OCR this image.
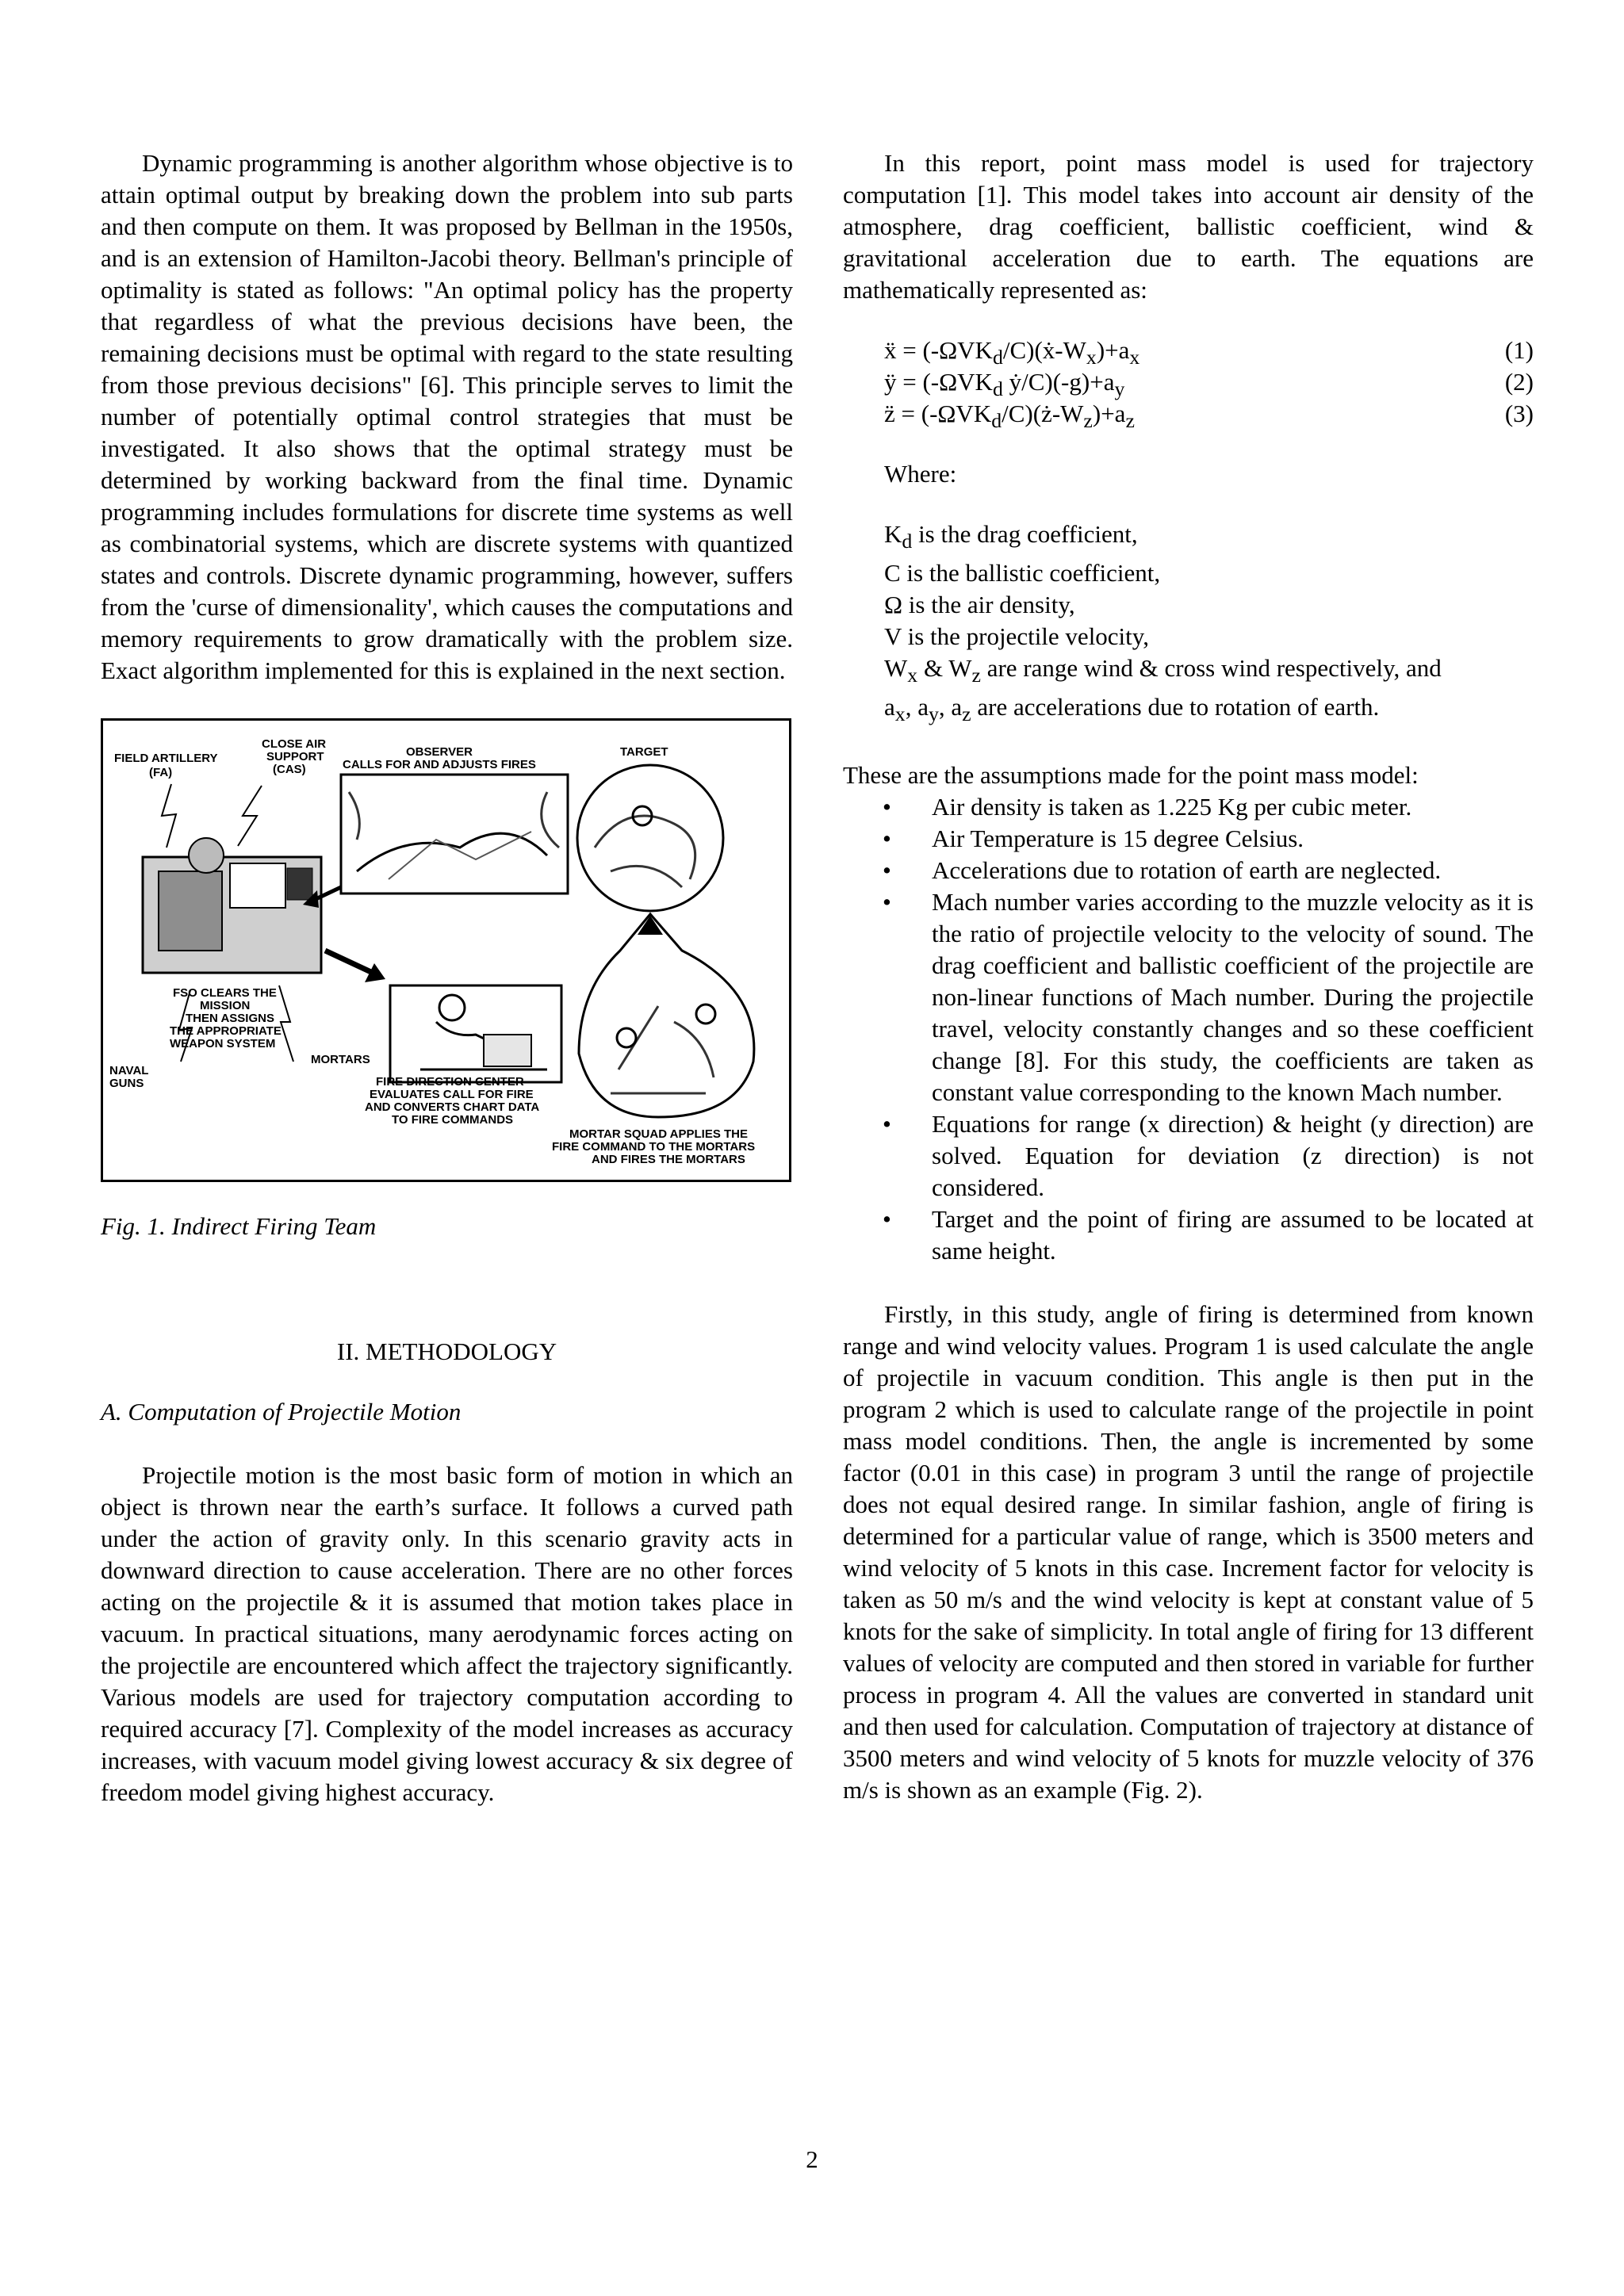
Dynamic programming is another algorithm whose objective is to attain optimal output by breaking down the problem into sub parts and then compute on them. It was proposed by Bellman in the 1950s, and is an extension of Hamilton-Jacobi theory. Bellman's principle of optimality is stated as follows: "An optimal policy has the property that regardless of what the previous decisions have been, the remaining decisions must be optimal with regard to the state resulting from those previous decisions" [6]. This principle serves to limit the number of potentially optimal control strategies that must be investigated. It also shows that the optimal strategy must be determined by working backward from the final time. Dynamic programming includes formulations for discrete time systems as well as combinatorial systems, which are discrete systems with quantized states and controls. Discrete dynamic programming, however, suffers from the 'curse of dimensionality', which causes the computations and memory requirements to grow dramatically with the problem size. Exact algorithm implemented for this is explained in the next section.

FIELD ARTILLERY
(FA)
CLOSE AIR
SUPPORT
(CAS)
OBSERVER
CALLS FOR AND ADJUSTS FIRES
TARGET
FSO CLEARS THE
MISSION
THEN ASSIGNS
THE APPROPRIATE
WEAPON SYSTEM
NAVAL
GUNS
MORTARS
FIRE DIRECTION CENTER
EVALUATES CALL FOR FIRE
AND CONVERTS CHART DATA
TO FIRE COMMANDS
MORTAR SQUAD APPLIES THE
FIRE COMMAND TO THE MORTARS
AND FIRES THE MORTARS

Fig. 1. Indirect Firing Team

II. METHODOLOGY

A. Computation of Projectile Motion

Projectile motion is the most basic form of motion in which an object is thrown near the earth’s surface. It follows a curved path under the action of gravity only. In this scenario gravity acts in downward direction to cause acceleration. There are no other forces acting on the projectile & it is assumed that motion takes place in vacuum. In practical situations, many aerodynamic forces acting on the projectile are encountered which affect the trajectory significantly. Various models are used for trajectory computation according to required accuracy [7]. Complexity of the model increases as accuracy increases, with vacuum model giving lowest accuracy & six degree of freedom model giving highest accuracy.

In this report, point mass model is used for trajectory computation [1]. This model takes into account air density of the atmosphere, drag coefficient, ballistic coefficient, wind & gravitational acceleration due to earth. The equations are mathematically represented as:

ẍ = $(-\Omega VK_d/C)(ẋ-W_x)+a_x$	(1)
ÿ = ($-\Omega VK_d$ $ẏ/C)(-g)+a_y$	(2)
z̈ = $(-\Omega VK_d/C)(ż-W_z)+a_z$	(3)

Where:

$K_d$ is the drag coefficient,

C is the ballistic coefficient,

Ω is the air density,

V is the projectile velocity,

$W_x$ & $W_z$ are range wind & cross wind respectively, and

$a_x$, $a_y$, $a_z$ are accelerations due to rotation of earth.

These are the assumptions made for the point mass model:

• Air density is taken as 1.225 Kg per cubic meter.
• Air Temperature is 15 degree Celsius.
• Accelerations due to rotation of earth are neglected.
• Mach number varies according to the muzzle velocity as it is the ratio of projectile velocity to the velocity of sound. The drag coefficient and ballistic coefficient of the projectile are non-linear functions of Mach number. During the projectile travel, velocity constantly changes and so these coefficient change [8]. For this study, the coefficients are taken as constant value corresponding to the known Mach number.
• Equations for range (x direction) & height (y direction) are solved. Equation for deviation (z direction) is not considered.
• Target and the point of firing are assumed to be located at same height.

Firstly, in this study, angle of firing is determined from known range and wind velocity values. Program 1 is used calculate the angle of projectile in vacuum condition. This angle is then put in the program 2 which is used to calculate range of the projectile in point mass model conditions. Then, the angle is incremented by some factor (0.01 in this case) in program 3 until the range of projectile does not equal desired range. In similar fashion, angle of firing is determined for a particular value of range, which is 3500 meters and wind velocity of 5 knots in this case. Increment factor for velocity is taken as 50 m/s and the wind velocity is kept at constant value of 5 knots for the sake of simplicity. In total angle of firing for 13 different values of velocity are computed and then stored in variable for further process in program 4. All the values are converted in standard unit and then used for calculation. Computation of trajectory at distance of 3500 meters and wind velocity of 5 knots for muzzle velocity of 376 m/s is shown as an example (Fig. 2).

2
